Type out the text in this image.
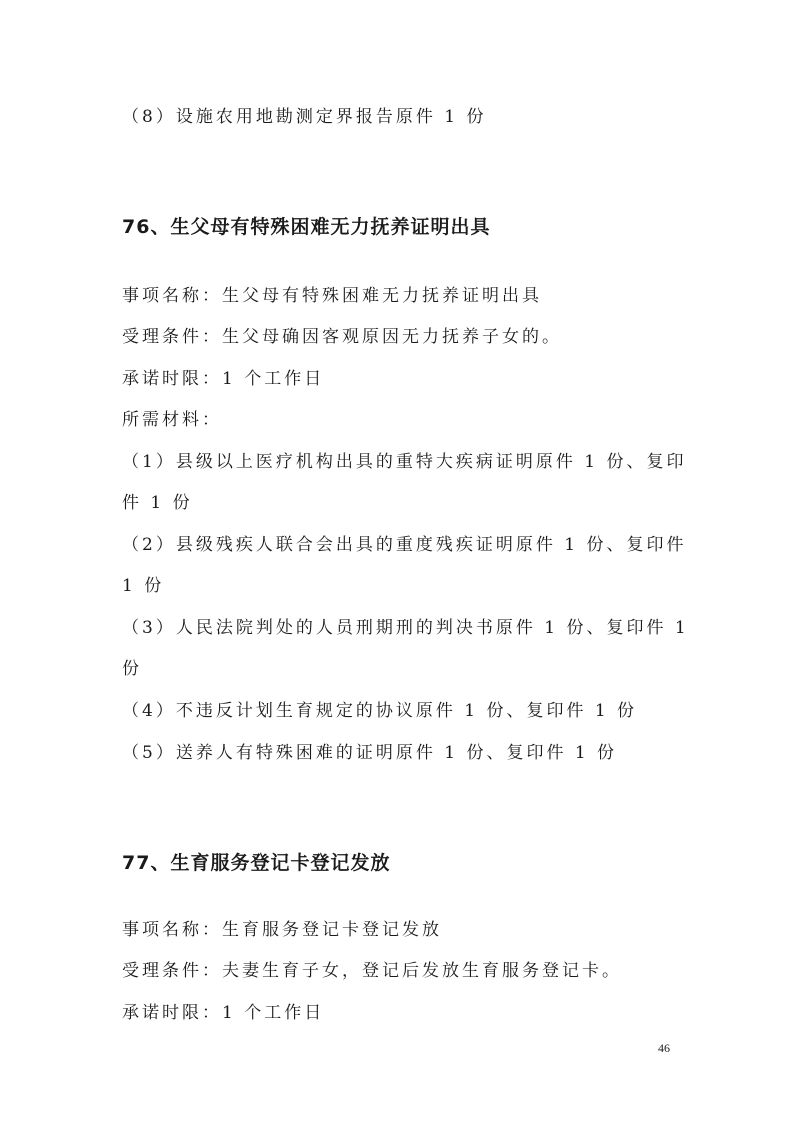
（8）设施农用地勘测定界报告原件 1 份
76、生父母有特殊困难无力抚养证明出具
事项名称：生父母有特殊困难无力抚养证明出具
受理条件：生父母确因客观原因无力抚养子女的。
承诺时限：1 个工作日
所需材料：
（1）县级以上医疗机构出具的重特大疾病证明原件 1 份、复印
件 1 份
（2）县级残疾人联合会出具的重度残疾证明原件 1 份、复印件
1 份
（3）人民法院判处的人员刑期刑的判决书原件 1 份、复印件 1
份
（4）不违反计划生育规定的协议原件 1 份、复印件 1 份
（5）送养人有特殊困难的证明原件 1 份、复印件 1 份
77、生育服务登记卡登记发放
事项名称：生育服务登记卡登记发放
受理条件：夫妻生育子女，登记后发放生育服务登记卡。
承诺时限：1 个工作日
46
